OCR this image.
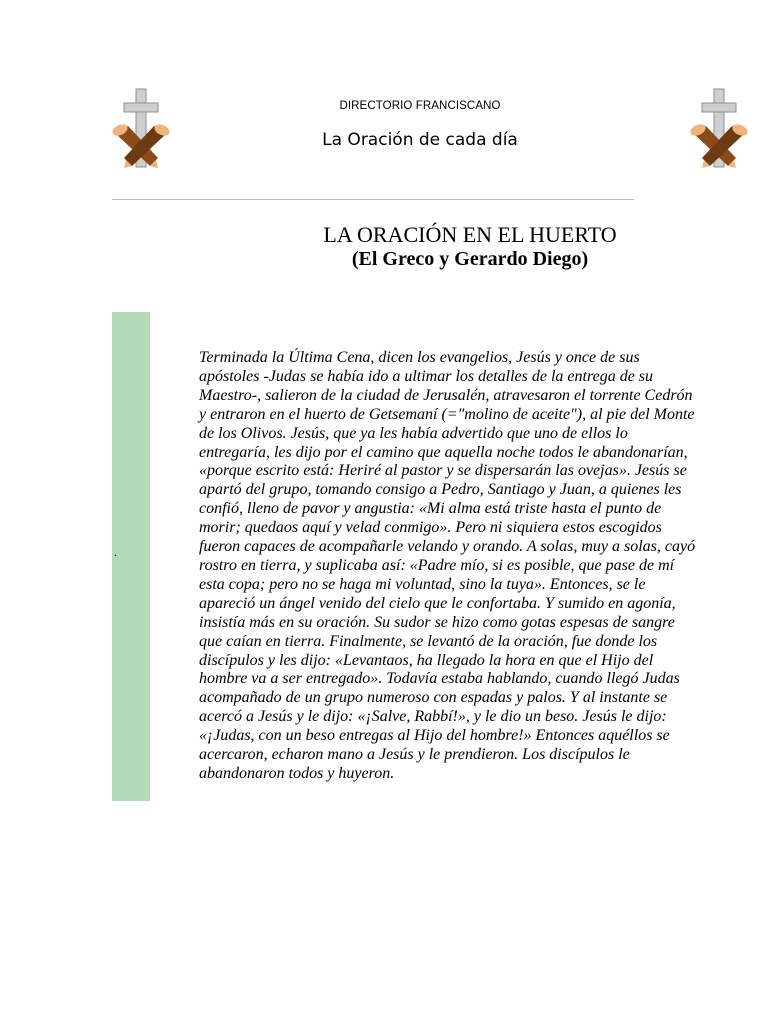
DIRECTORIO FRANCISCANO
La Oración de cada día
LA ORACIÓN EN EL HUERTO
(El Greco y Gerardo Diego)
.

Terminada la Última Cena, dicen los evangelios, Jesús y once de sus
apóstoles -Judas se había ido a ultimar los detalles de la entrega de su
Maestro-, salieron de la ciudad de Jerusalén, atravesaron el torrente Cedrón
y entraron en el huerto de Getsemaní (="molino de aceite"), al pie del Monte
de los Olivos. Jesús, que ya les había advertido que uno de ellos lo
entregaría, les dijo por el camino que aquella noche todos le abandonarían,
«porque escrito está: Heriré al pastor y se dispersarán las ovejas». Jesús se
apartó del grupo, tomando consigo a Pedro, Santiago y Juan, a quienes les
confió, lleno de pavor y angustia: «Mi alma está triste hasta el punto de
morir; quedaos aquí y velad conmigo». Pero ni siquiera estos escogidos
fueron capaces de acompañarle velando y orando. A solas, muy a solas, cayó
rostro en tierra, y suplicaba así: «Padre mío, si es posible, que pase de mí
esta copa; pero no se haga mi voluntad, sino la tuya». Entonces, se le
apareció un ángel venido del cielo que le confortaba. Y sumido en agonía,
insistía más en su oración. Su sudor se hizo como gotas espesas de sangre
que caían en tierra. Finalmente, se levantó de la oración, fue donde los
discípulos y les dijo: «Levantaos, ha llegado la hora en que el Hijo del
hombre va a ser entregado». Todavía estaba hablando, cuando llegó Judas
acompañado de un grupo numeroso con espadas y palos. Y al instante se
acercó a Jesús y le dijo: «¡Salve, Rabbí!», y le dio un beso. Jesús le dijo:
«¡Judas, con un beso entregas al Hijo del hombre!» Entonces aquéllos se
acercaron, echaron mano a Jesús y le prendieron. Los discípulos le
abandonaron todos y huyeron.
